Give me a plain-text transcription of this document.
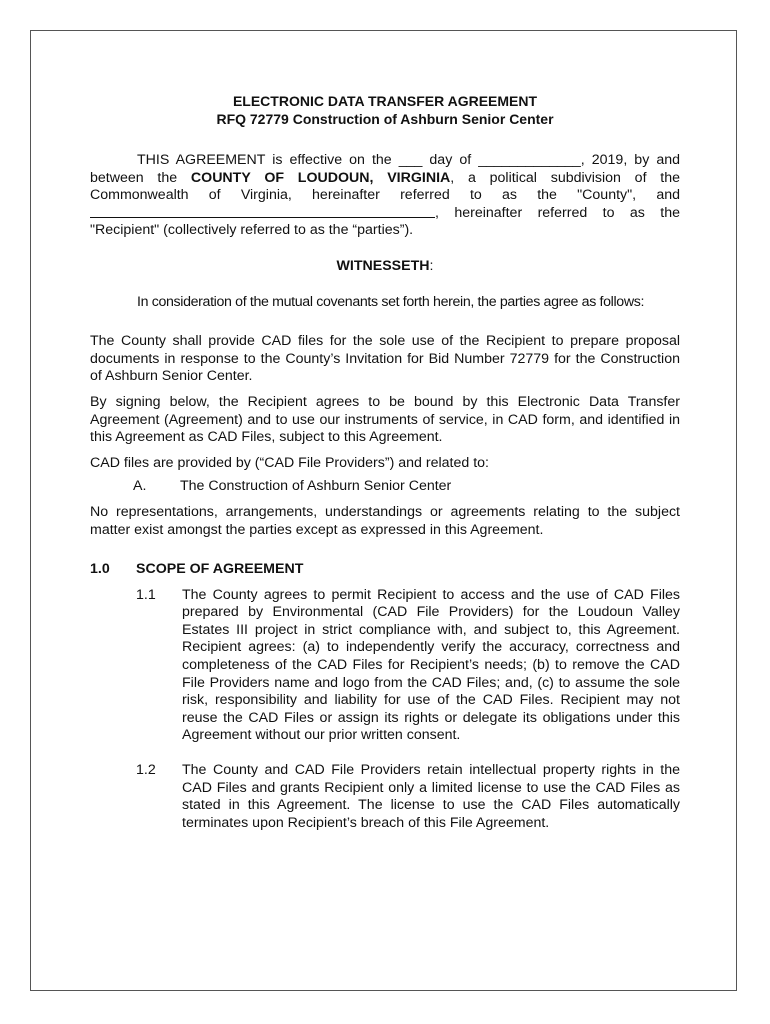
ELECTRONIC DATA TRANSFER AGREEMENT
RFQ 72779 Construction of Ashburn Senior Center

THIS AGREEMENT is effective on the ___ day of _____________, 2019, by and

between the COUNTY OF LOUDOUN, VIRGINIA, a political subdivision of the

Commonwealth of Virginia, hereinafter referred to as the "County", and

, hereinafter referred to as the

"Recipient" (collectively referred to as the “parties”).

WITNESSETH:

In consideration of the mutual covenants set forth herein, the parties agree as follows:

The County shall provide CAD files for the sole use of the Recipient to prepare proposal documents in response to the County’s Invitation for Bid Number 72779 for the Construction of Ashburn Senior Center.

By signing below, the Recipient agrees to be bound by this Electronic Data Transfer Agreement (Agreement) and to use our instruments of service, in CAD form, and identified in this Agreement as CAD Files, subject to this Agreement.

CAD files are provided by (“CAD File Providers”) and related to:

A.	The Construction of Ashburn Senior Center

No representations, arrangements, understandings or agreements relating to the subject matter exist amongst the parties except as expressed in this Agreement.

1.0	SCOPE OF AGREEMENT
1.1	The County agrees to permit Recipient to access and the use of CAD Files prepared by Environmental (CAD File Providers) for the Loudoun Valley Estates III project in strict compliance with, and subject to, this Agreement. Recipient agrees: (a) to independently verify the accuracy, correctness and completeness of the CAD Files for Recipient’s needs; (b) to remove the CAD File Providers name and logo from the CAD Files; and, (c) to assume the sole risk, responsibility and liability for use of the CAD Files. Recipient may not reuse the CAD Files or assign its rights or delegate its obligations under this Agreement without our prior written consent.
1.2	The County and CAD File Providers retain intellectual property rights in the CAD Files and grants Recipient only a limited license to use the CAD Files as stated in this Agreement. The license to use the CAD Files automatically terminates upon Recipient’s breach of this File Agreement.
